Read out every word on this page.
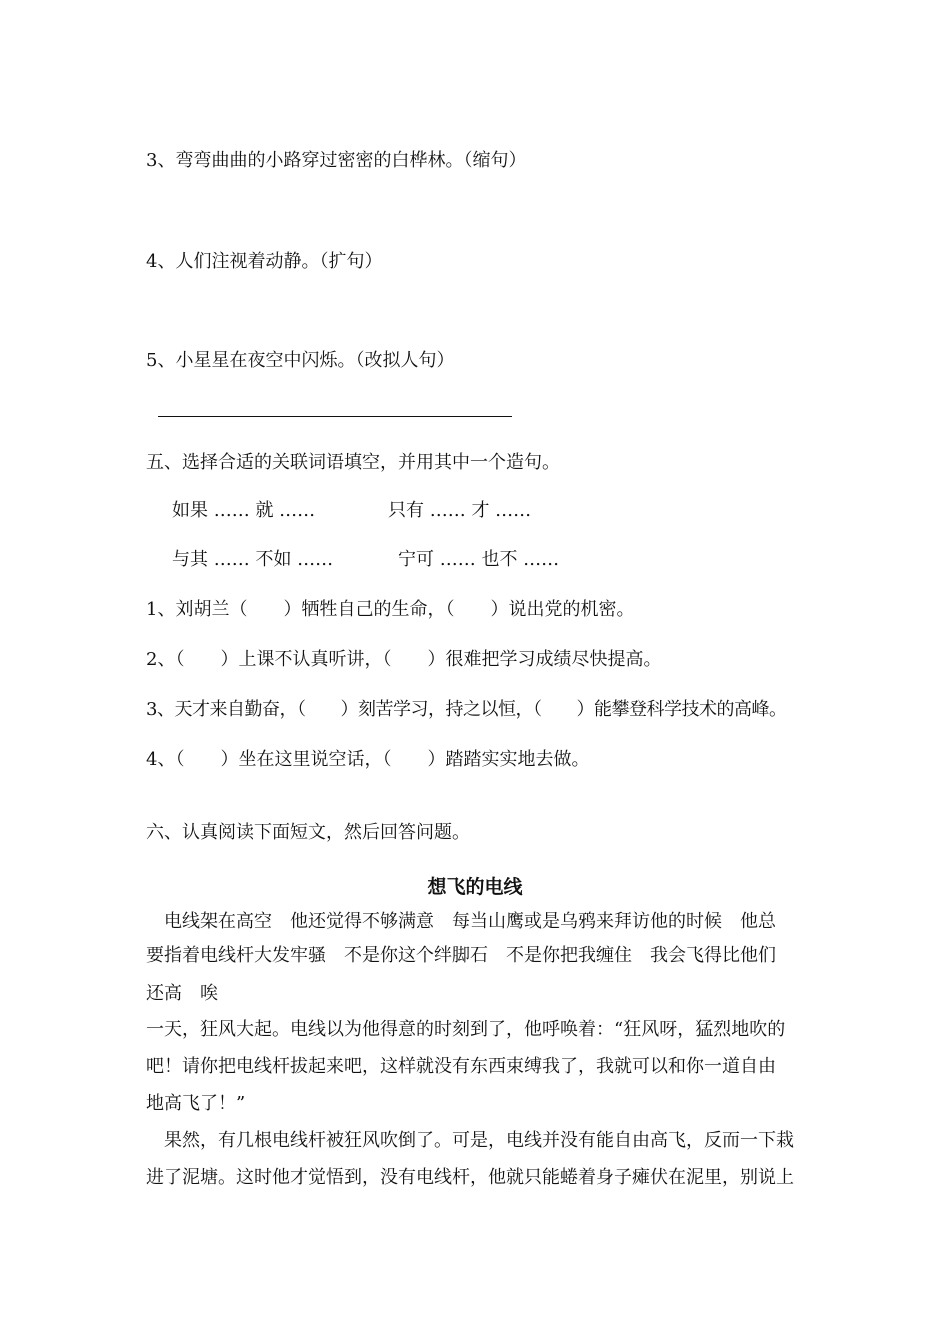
3、弯弯曲曲的小路穿过密密的白桦林。（缩句）
4、人们注视着动静。（扩句）
5、小星星在夜空中闪烁。（改拟人句）
五、选择合适的关联词语填空，并用其中一个造句。
如果 …… 就 ……	只有 …… 才 ……
与其 …… 不如 ……	宁可 …… 也不 ……
1、刘胡兰（　　）牺牲自己的生命，（　　）说出党的机密。
2、（　　）上课不认真听讲，（　　）很难把学习成绩尽快提高。
3、天才来自勤奋，（　　）刻苦学习，持之以恒，（　　）能攀登科学技术的高峰。
4、（　　）坐在这里说空话，（　　）踏踏实实地去做。
六、认真阅读下面短文，然后回答问题。
想飞的电线
　电线架在高空　他还觉得不够满意　每当山鹰或是乌鸦来拜访他的时候　他总
要指着电线杆大发牢骚　不是你这个绊脚石　不是你把我缠住　我会飞得比他们
还高　唉
一天，狂风大起。电线以为他得意的时刻到了，他呼唤着：“狂风呀，猛烈地吹的
吧！请你把电线杆拔起来吧，这样就没有东西束缚我了，我就可以和你一道自由
地高飞了！”
　果然，有几根电线杆被狂风吹倒了。可是，电线并没有能自由高飞，反而一下栽
进了泥塘。这时他才觉悟到，没有电线杆，他就只能蜷着身子瘫伏在泥里，别说上
